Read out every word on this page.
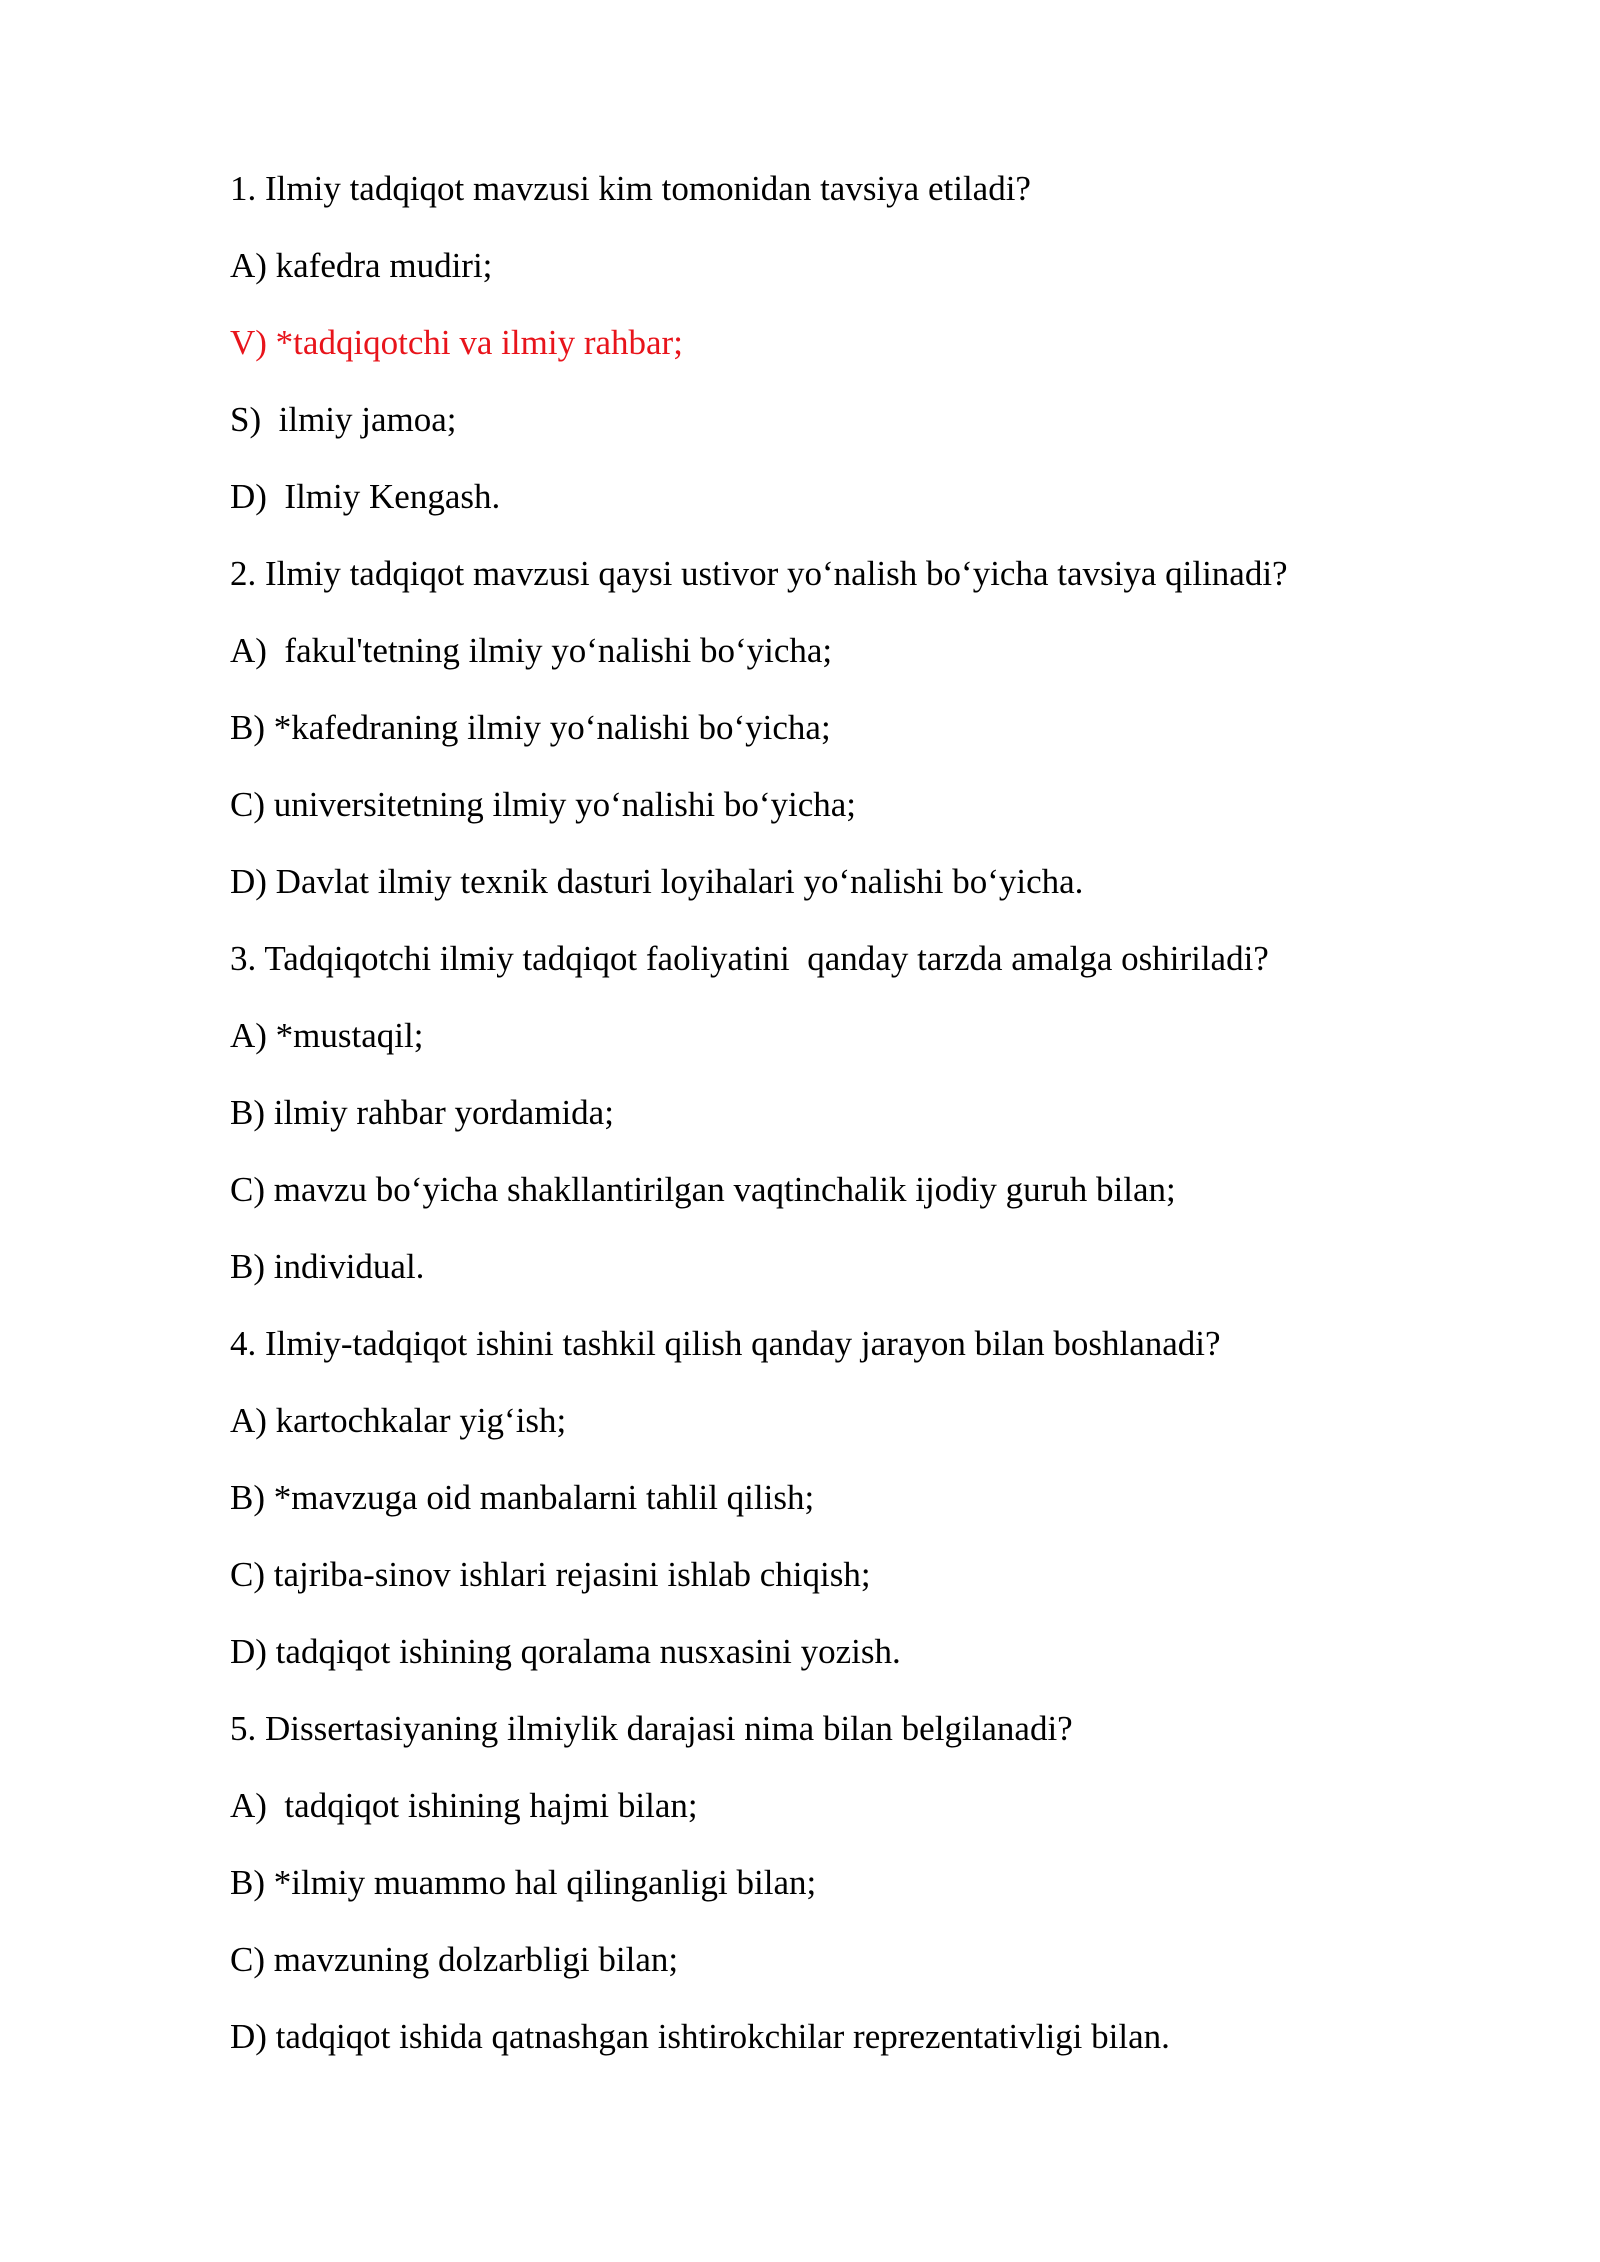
1. Ilmiy tadqiqot mavzusi kim tomonidan tavsiya etiladi?
A) kafedra mudiri;
V) *tadqiqotchi va ilmiy rahbar;
S)  ilmiy jamoa;
D)  Ilmiy Kengash.
2. Ilmiy tadqiqot mavzusi qaysi ustivor yo‘nalish bo‘yicha tavsiya qilinadi?
A)  fakul'tetning ilmiy yo‘nalishi bo‘yicha;
B) *kafedraning ilmiy yo‘nalishi bo‘yicha;
C) universitetning ilmiy yo‘nalishi bo‘yicha;
D) Davlat ilmiy texnik dasturi loyihalari yo‘nalishi bo‘yicha.
3. Tadqiqotchi ilmiy tadqiqot faoliyatini  qanday tarzda amalga oshiriladi?
A) *mustaqil;
B) ilmiy rahbar yordamida;
C) mavzu bo‘yicha shakllantirilgan vaqtinchalik ijodiy guruh bilan;
B) individual.
4. Ilmiy-tadqiqot ishini tashkil qilish qanday jarayon bilan boshlanadi?
A) kartochkalar yig‘ish;
B) *mavzuga oid manbalarni tahlil qilish;
C) tajriba-sinov ishlari rejasini ishlab chiqish;
D) tadqiqot ishining qoralama nusxasini yozish.
5. Dissertasiyaning ilmiylik darajasi nima bilan belgilanadi?
A)  tadqiqot ishining hajmi bilan;
B) *ilmiy muammo hal qilinganligi bilan;
C) mavzuning dolzarbligi bilan;
D) tadqiqot ishida qatnashgan ishtirokchilar reprezentativligi bilan.
